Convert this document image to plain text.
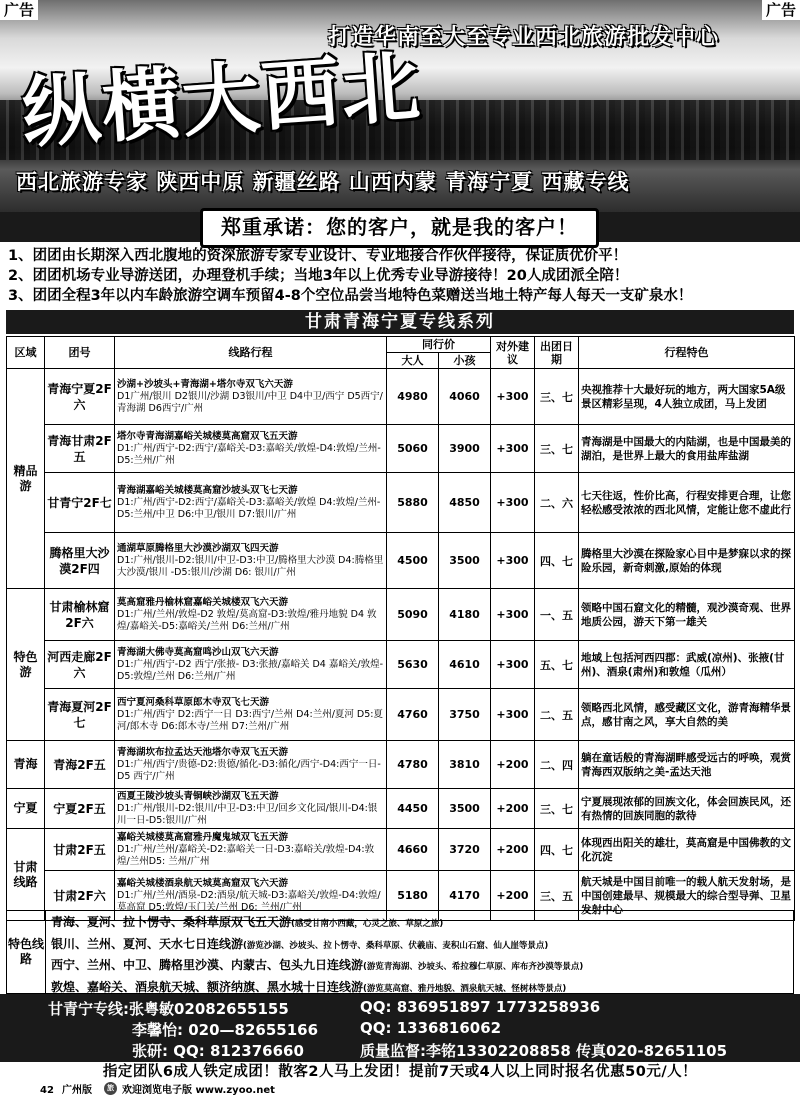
广告	广告
打造华南至大至专业西北旅游批发中心
纵横大西北
西北旅游专家 陕西中原 新疆丝路 山西内蒙 青海宁夏 西藏专线
郑重承诺：您的客户，就是我的客户！
1、团团由长期深入西北腹地的资深旅游专家专业设计、专业地接合作伙伴接待，保证质优价平！
2、团团机场专业导游送团，办理登机手续；当地3年以上优秀专业导游接待！20人成团派全陪！
3、团团全程3年以内车龄旅游空调车预留4-8个空位品尝当地特色菜赠送当地土特产每人每天一支矿泉水！
甘肃青海宁夏专线系列
区域	团号	线路行程	同行价		对外建议	出团日期	行程特色
			大人	小孩			

精品游	青海宁夏2F六	沙湖+沙坡头+青海湖+塔尔寺双飞六天游
D1广州/银川 D2银川/沙湖 D3银川/中卫 D4中卫/西宁 D5西宁/青海湖 D6西宁/广州	4980	4060	+300	三、七	央视推荐十大最好玩的地方，两大国家5A级景区精彩呈现，4人独立成团，马上发团

	青海甘肃2F五	塔尔寺青海湖嘉峪关城楼莫高窟双飞五天游
D1:广州/西宁-D2:西宁/嘉峪关-D3:嘉峪关/敦煌-D4:敦煌/兰州-D5:兰州/广州	5060	3900	+300	三、七	青海湖是中国最大的内陆湖，也是中国最美的湖泊，是世界上最大的食用盐库盐湖

	甘青宁2F七	青海湖嘉峪关城楼莫高窟沙坡头双飞七天游
D1:广州/西宁-D2:西宁/嘉峪关-D3:嘉峪关/敦煌 D4:敦煌/兰州-D5:兰州/中卫 D6:中卫/银川 D7:银川/广州	5880	4850	+300	二、六	七天往返，性价比高，行程安排更合理，让您轻松感受浓浓的西北风情，定能让您不虚此行

	腾格里大沙漠2F四	通湖草原腾格里大沙漠沙湖双飞四天游
D1:广州/银川-D2:银川/中卫-D3:中卫/腾格里大沙漠 D4:腾格里大沙漠/银川 -D5:银川/沙湖 D6: 银川/广州	4500	3500	+300	四、七	腾格里大沙漠在探险家心目中是梦寐以求的探险乐园，新奇刺激,原始的体现

特色游	甘肃榆林窟2F六	莫高窟雅丹榆林窟嘉峪关城楼双飞六天游
D1:广州/兰州/敦煌-D2 敦煌/莫高窟-D3:敦煌/雅丹地貌 D4 敦煌/嘉峪关-D5:嘉峪关/兰州 D6:兰州/广州	5090	4180	+300	一、五	领略中国石窟文化的精髓，观沙漠奇观、世界地质公园，游天下第一雄关

	河西走廊2F六	青海湖大佛寺莫高窟鸣沙山双飞六天游
D1:广州/西宁-D2 西宁/张掖- D3:张掖/嘉峪关 D4 嘉峪关/敦煌-D5:敦煌/兰州 D6:兰州/广州	5630	4610	+300	五、七	地域上包括河西四郡：武威(凉州)、张掖(甘州)、酒泉(肃州)和敦煌（瓜州）

	青海夏河2F七	西宁夏河桑科草原郎木寺双飞七天游
D1:广州/西宁 D2:西宁一日 D3:西宁/兰州 D4:兰州/夏河 D5:夏河/郎木寺 D6:郎木寺/兰州 D7:兰州/广州	4760	3750	+300	二、五	领略西北风情，感受藏区文化，游青海精华景点，感甘南之风，享大自然的美

青海	青海2F五	青海湖坎布拉孟达天池塔尔寺双飞五天游
D1:广州/西宁/贵德-D2:贵德/循化-D3:循化/西宁-D4:西宁一日-D5 西宁/广州	4780	3810	+200	二、四	躺在童话般的青海湖畔感受远古的呼唤，观赏青海西双版纳之美-孟达天池

宁夏	宁夏2F五	西夏王陵沙坡头青铜峡沙湖双飞五天游
D1:广州/银川-D2:银川/中卫-D3:中卫/回乡文化园/银川-D4:银川一日-D5:银川/广州	4450	3500	+200	三、七	宁夏展现浓郁的回族文化，体会回族民风，还有热情的回族同胞的款待

甘肃线路	甘肃2F五	嘉峪关城楼莫高窟雅丹魔鬼城双飞五天游
D1:广州/兰州/嘉峪关-D2:嘉峪关一日-D3:嘉峪关/敦煌-D4:敦煌/兰州D5: 兰州/广州	4660	3720	+200	四、七	体现西出阳关的雄壮，莫高窟是中国佛教的文化沉淀

	甘肃2F六	嘉峪关城楼酒泉航天城莫高窟双飞六天游
D1:广州/兰州/酒泉-D2:酒泉/航天城-D3:嘉峪关/敦煌-D4:敦煌/莫高窟 D5:敦煌/玉门关/兰州 D6: 兰州/广州	5180	4170	+200	三、五	航天城是中国目前唯一的载人航天发射场，是中国创建最早、规模最大的综合型导弹、卫星发射中心
特色线路
青海、夏河、拉卜愣寺、桑科草原双飞五天游(感受甘南小西藏，心灵之旅、草原之旅)
银川、兰州、夏河、天水七日连线游(游览沙湖、沙坡头、拉卜愣寺、桑科草原、伏羲庙、麦积山石窟、仙人崖等景点)
西宁、兰州、中卫、腾格里沙漠、内蒙古、包头九日连线游(游览青海湖、沙坡头、希拉穆仁草原、库布齐沙漠等景点)
敦煌、嘉峪关、酒泉航天城、额济纳旗、黑水城十日连线游(游览莫高窟、雅丹地貌、酒泉航天城、怪树林等景点)
甘青宁专线:张粤敏02082655155	QQ: 836951897 1773258936
李馨怡: 020—82655166	QQ: 1336816062
张研: QQ: 812376660	质量监督:李铭13302208858 传真020-82651105
指定团队6成人铁定成团！散客2人马上发团！提前7天或4人以上同时报名优惠50元/人！
42 广州版	旅 欢迎浏览电子版 www.zyoo.net
